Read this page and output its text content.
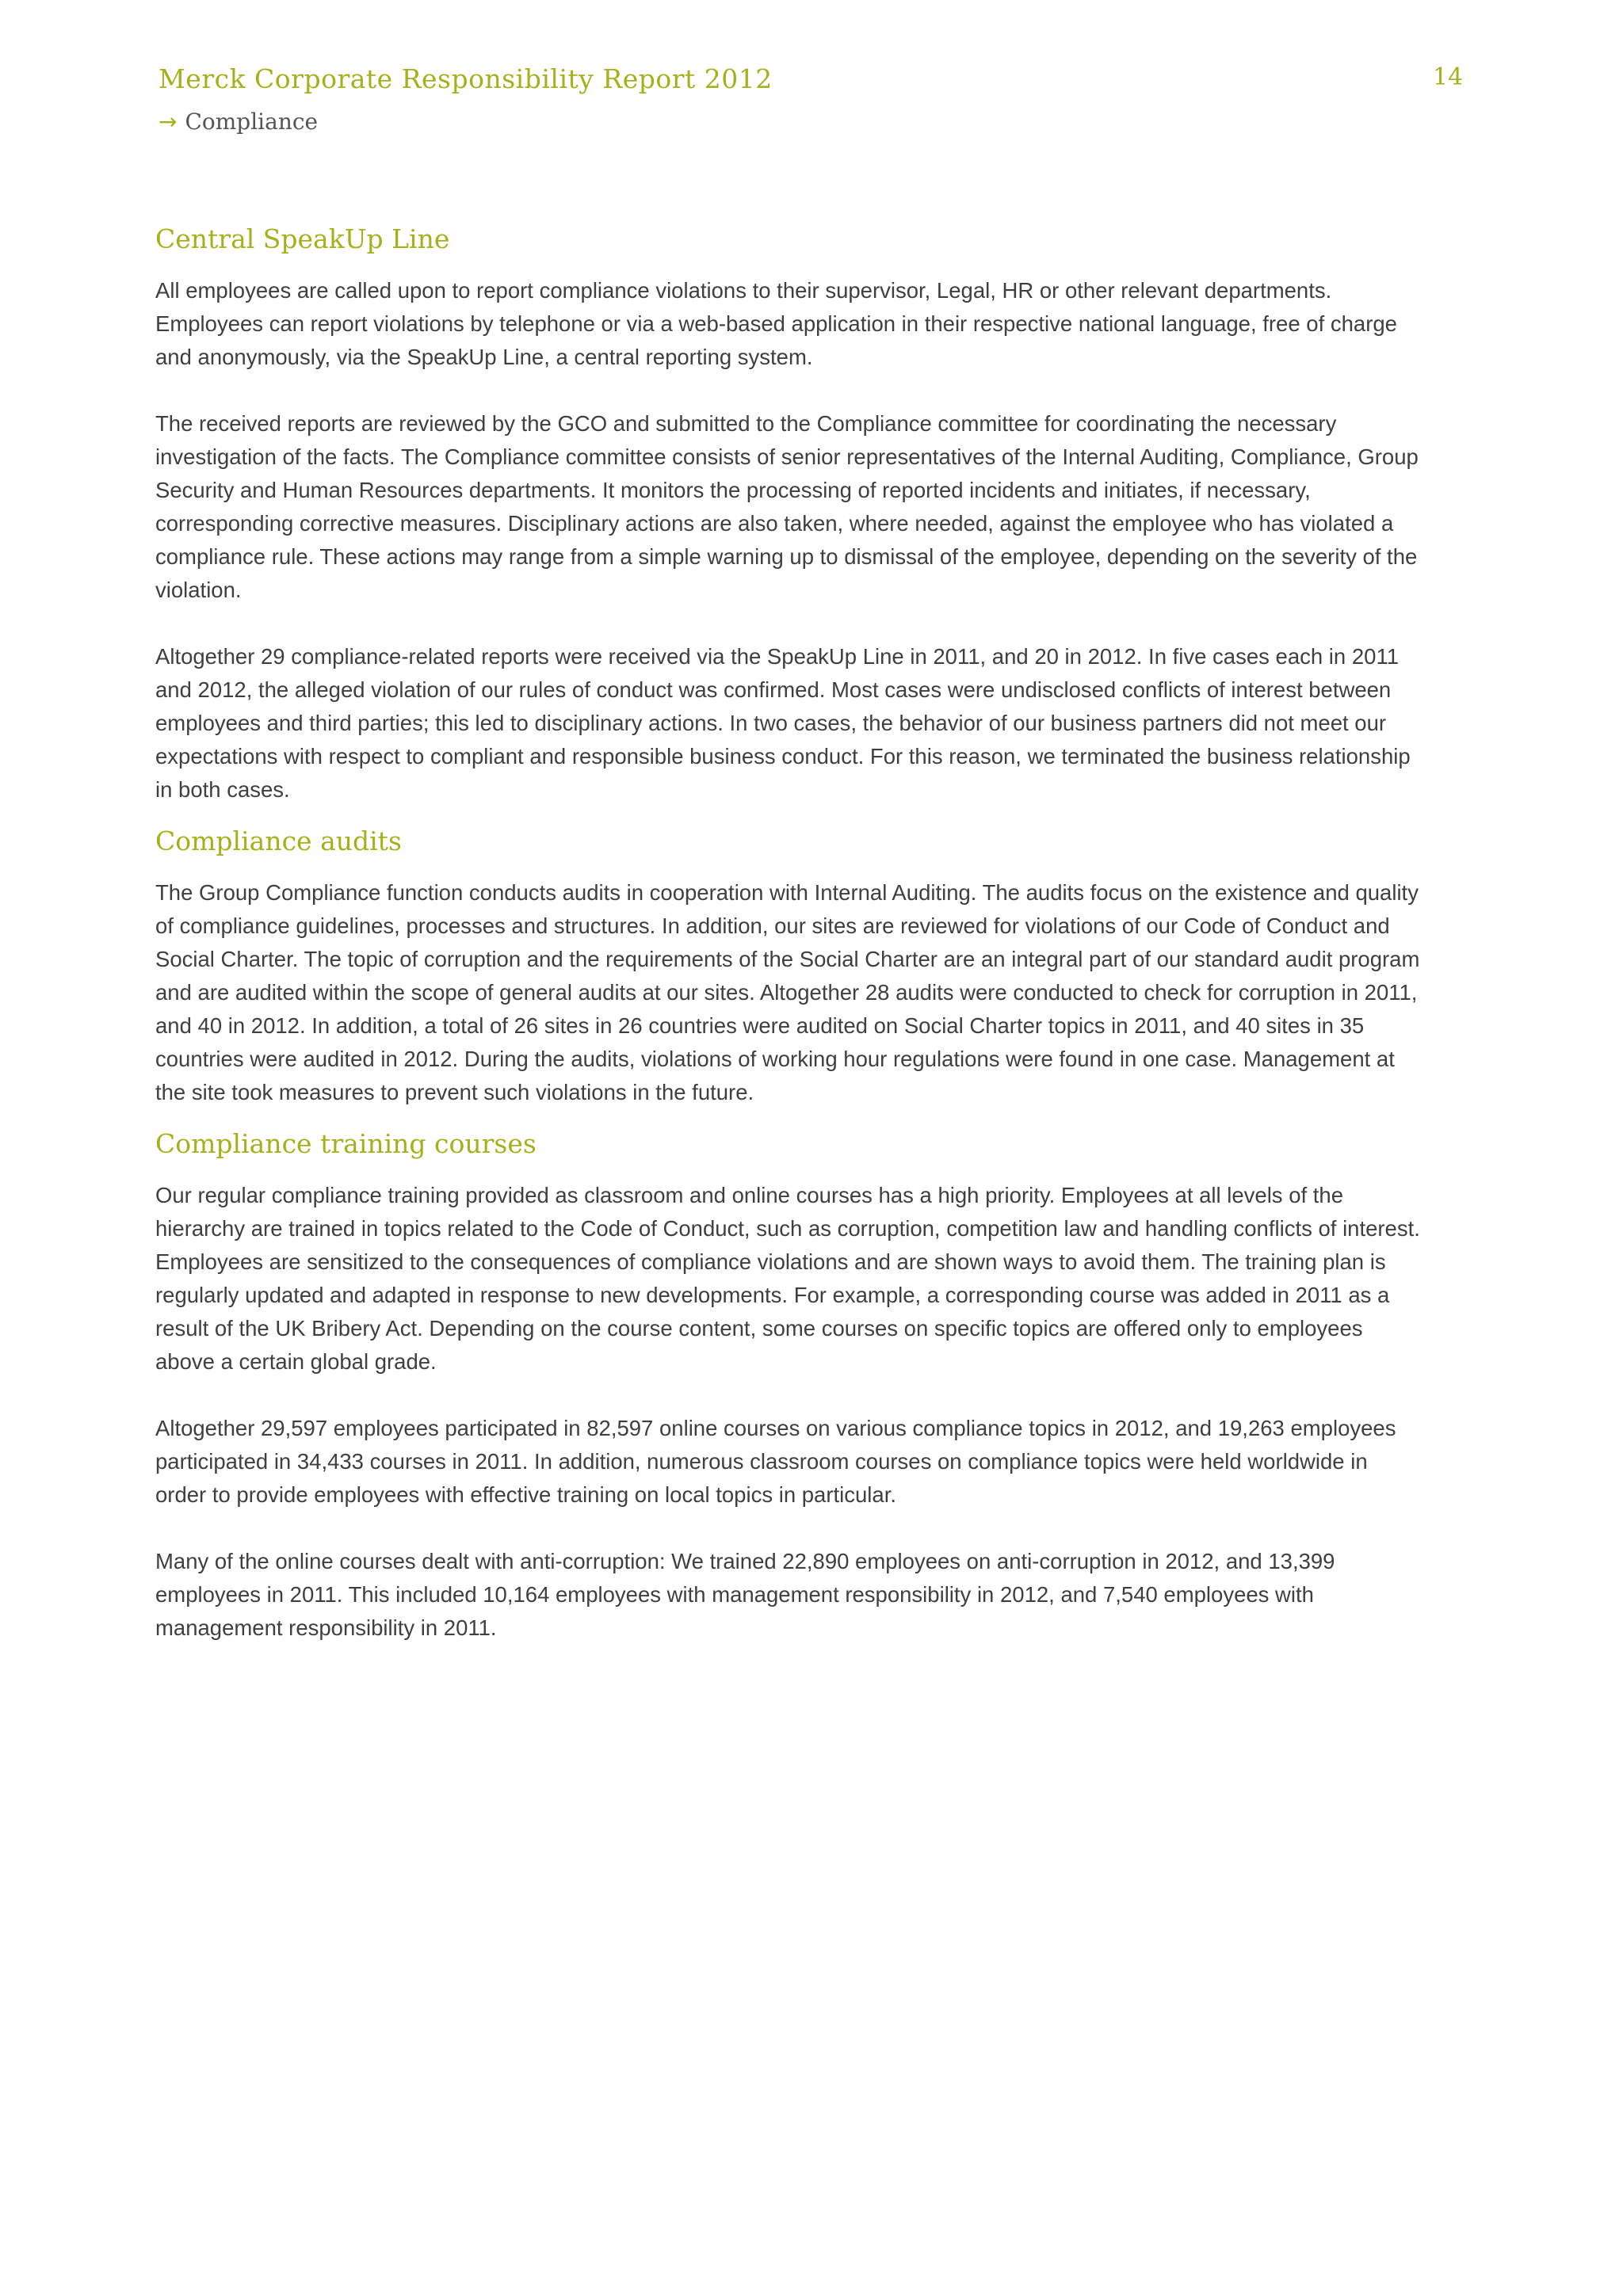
Merck Corporate Responsibility Report 2012	14
→ Compliance
Central SpeakUp Line

All employees are called upon to report compliance violations to their supervisor, Legal, HR or other relevant departments. Employees can report violations by telephone or via a web-based application in their respective national language, free of charge and anonymously, via the SpeakUp Line, a central reporting system.

The received reports are reviewed by the GCO and submitted to the Compliance committee for coordinating the necessary investigation of the facts. The Compliance committee consists of senior representatives of the Internal Auditing, Compliance, Group Security and Human Resources departments. It monitors the processing of reported incidents and initiates, if necessary, corresponding corrective measures. Disciplinary actions are also taken, where needed, against the employee who has violated a compliance rule. These actions may range from a simple warning up to dismissal of the employee, depending on the severity of the violation.

Altogether 29 compliance-related reports were received via the SpeakUp Line in 2011, and 20 in 2012. In five cases each in 2011 and 2012, the alleged violation of our rules of conduct was confirmed. Most cases were undisclosed conflicts of interest between employees and third parties; this led to disciplinary actions. In two cases, the behavior of our business partners did not meet our expectations with respect to compliant and responsible business conduct. For this reason, we terminated the business relationship in both cases.

Compliance audits

The Group Compliance function conducts audits in cooperation with Internal Auditing. The audits focus on the existence and quality of compliance guidelines, processes and structures. In addition, our sites are reviewed for violations of our Code of Conduct and Social Charter. The topic of corruption and the requirements of the Social Charter are an integral part of our standard audit program and are audited within the scope of general audits at our sites. Altogether 28 audits were conducted to check for corruption in 2011, and 40 in 2012. In addition, a total of 26 sites in 26 countries were audited on Social Charter topics in 2011, and 40 sites in 35 countries were audited in 2012. During the audits, violations of working hour regulations were found in one case. Management at the site took measures to prevent such violations in the future.

Compliance training courses

Our regular compliance training provided as classroom and online courses has a high priority. Employees at all levels of the hierarchy are trained in topics related to the Code of Conduct, such as corruption, competition law and handling conflicts of interest. Employees are sensitized to the consequences of compliance violations and are shown ways to avoid them. The training plan is regularly updated and adapted in response to new developments. For example, a corresponding course was added in 2011 as a result of the UK Bribery Act. Depending on the course content, some courses on specific topics are offered only to employees above a certain global grade.

Altogether 29,597 employees participated in 82,597 online courses on various compliance topics in 2012, and 19,263 employees participated in 34,433 courses in 2011. In addition, numerous classroom courses on compliance topics were held worldwide in order to provide employees with effective training on local topics in particular.

Many of the online courses dealt with anti-corruption: We trained 22,890 employees on anti-corruption in 2012, and 13,399 employees in 2011. This included 10,164 employees with management responsibility in 2012, and 7,540 employees with management responsibility in 2011.
